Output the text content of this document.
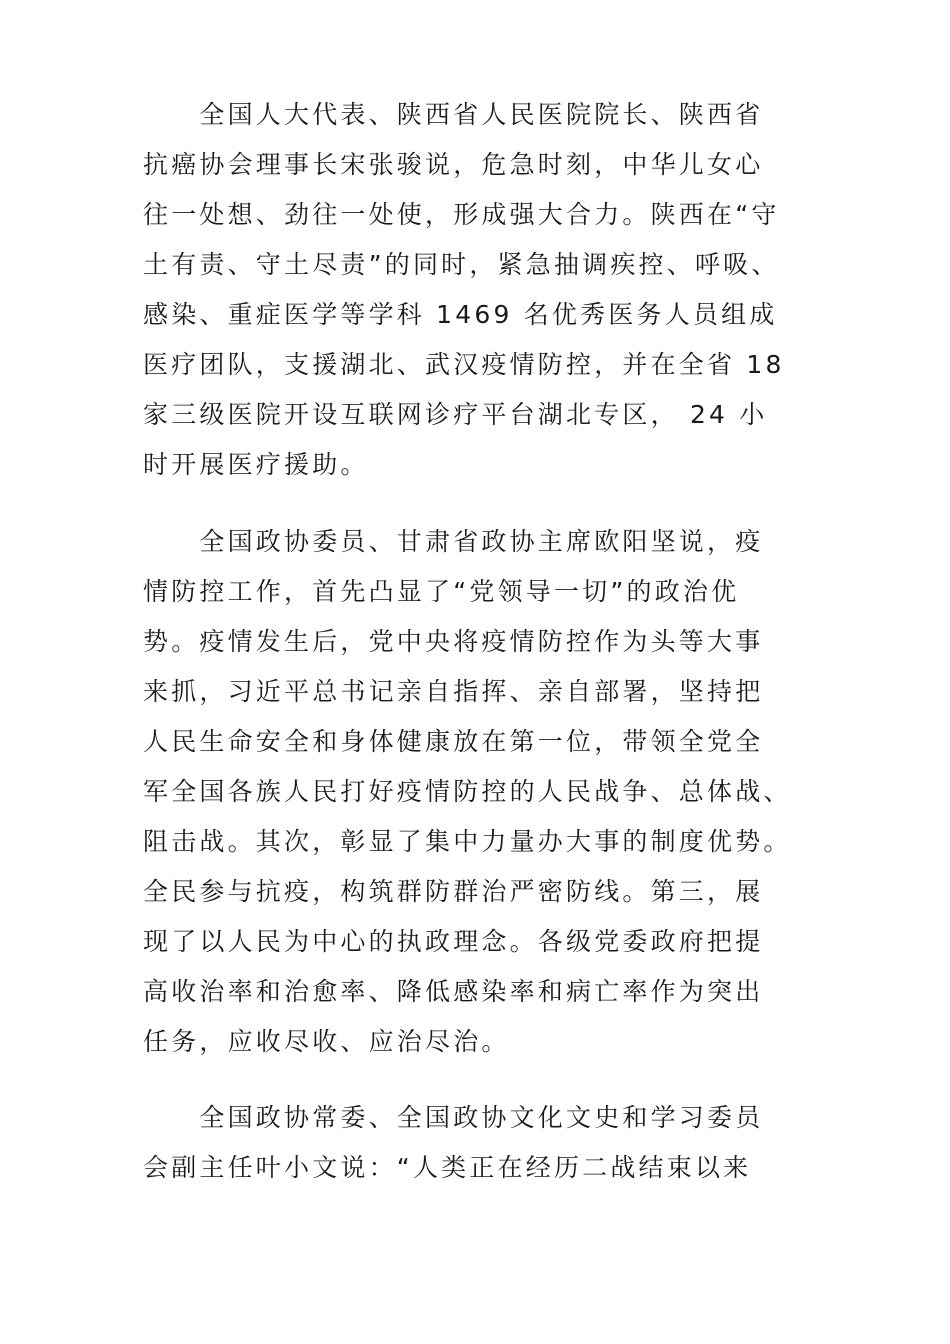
　　全国人大代表、陕西省人民医院院长、陕西省
抗癌协会理事长宋张骏说，危急时刻，中华儿女心
往一处想、劲往一处使，形成强大合力。陕西在“守
土有责、守土尽责”的同时，紧急抽调疾控、呼吸、
感染、重症医学等学科 1469 名优秀医务人员组成
医疗团队，支援湖北、武汉疫情防控，并在全省 18
家三级医院开设互联网诊疗平台湖北专区， 24 小
时开展医疗援助。
　　全国政协委员、甘肃省政协主席欧阳坚说，疫
情防控工作，首先凸显了“党领导一切”的政治优
势。疫情发生后，党中央将疫情防控作为头等大事
来抓，习近平总书记亲自指挥、亲自部署，坚持把
人民生命安全和身体健康放在第一位，带领全党全
军全国各族人民打好疫情防控的人民战争、总体战、
阻击战。其次，彰显了集中力量办大事的制度优势。
全民参与抗疫，构筑群防群治严密防线。第三，展
现了以人民为中心的执政理念。各级党委政府把提
高收治率和治愈率、降低感染率和病亡率作为突出
任务，应收尽收、应治尽治。
　　全国政协常委、全国政协文化文史和学习委员
会副主任叶小文说：“人类正在经历二战结束以来
